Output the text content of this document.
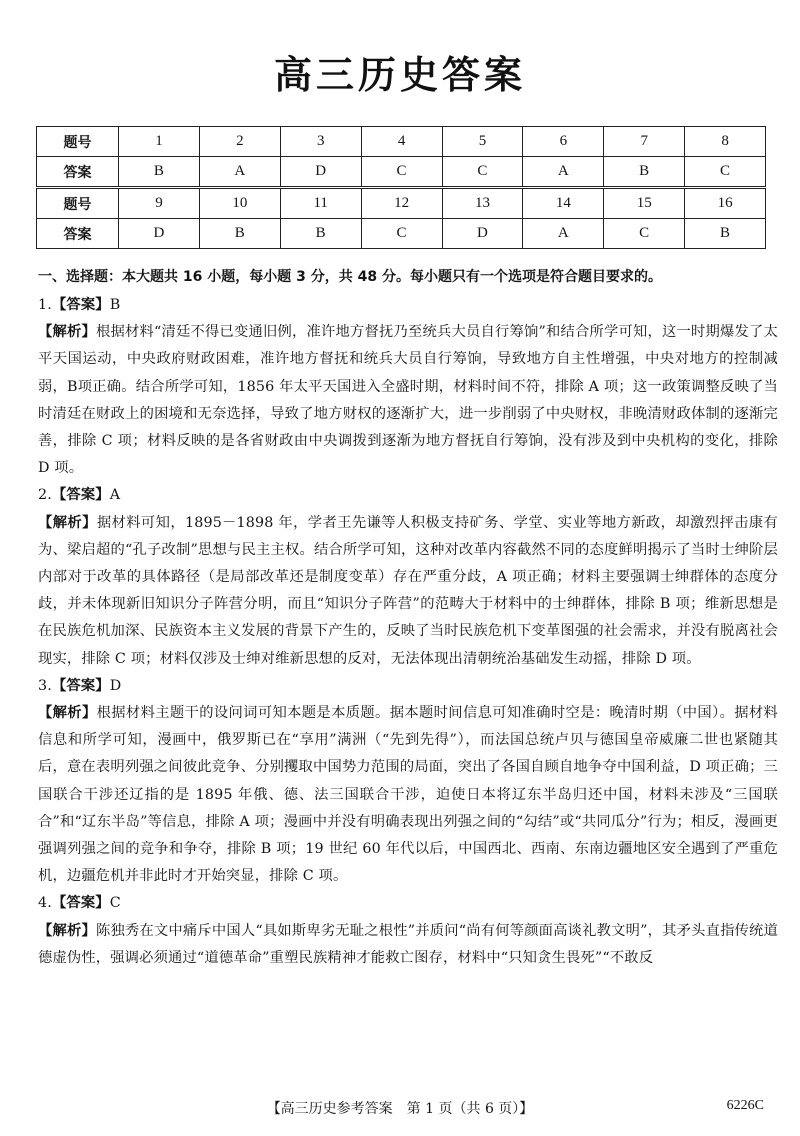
高三历史答案
题号	1	2	3	4	5	6	7	8
答案	B	A	D	C	C	A	B	C
题号	9	10	11	12	13	14	15	16
答案	D	B	B	C	D	A	C	B
一、选择题：本大题共 16 小题，每小题 3 分，共 48 分。每小题只有一个选项是符合题目要求的。
1.【答案】B
【解析】根据材料“清廷不得已变通旧例，准许地方督抚乃至统兵大员自行筹饷”和结合所学可知，这一时期爆发了太平天国运动，中央政府财政困难，准许地方督抚和统兵大员自行筹饷，导致地方自主性增强，中央对地方的控制减弱，B项正确。结合所学可知，1856 年太平天国进入全盛时期，材料时间不符，排除 A 项；这一政策调整反映了当时清廷在财政上的困境和无奈选择，导致了地方财权的逐渐扩大，进一步削弱了中央财权，非晚清财政体制的逐渐完善，排除 C 项；材料反映的是各省财政由中央调拨到逐渐为地方督抚自行筹饷，没有涉及到中央机构的变化，排除 D 项。
2.【答案】A
【解析】据材料可知，1895－1898 年，学者王先谦等人积极支持矿务、学堂、实业等地方新政，却激烈抨击康有为、梁启超的“孔子改制”思想与民主主权。结合所学可知，这种对改革内容截然不同的态度鲜明揭示了当时士绅阶层内部对于改革的具体路径（是局部改革还是制度变革）存在严重分歧，A 项正确；材料主要强调士绅群体的态度分歧，并未体现新旧知识分子阵营分明，而且“知识分子阵营”的范畴大于材料中的士绅群体，排除 B 项；维新思想是在民族危机加深、民族资本主义发展的背景下产生的，反映了当时民族危机下变革图强的社会需求，并没有脱离社会现实，排除 C 项；材料仅涉及士绅对维新思想的反对，无法体现出清朝统治基础发生动摇，排除 D 项。
3.【答案】D
【解析】根据材料主题干的设问词可知本题是本质题。据本题时间信息可知准确时空是：晚清时期（中国）。据材料信息和所学可知，漫画中，俄罗斯已在“享用”满洲（“先到先得”），而法国总统卢贝与德国皇帝威廉二世也紧随其后，意在表明列强之间彼此竞争、分别攫取中国势力范围的局面，突出了各国自顾自地争夺中国利益，D 项正确；三国联合干涉还辽指的是 1895 年俄、德、法三国联合干涉，迫使日本将辽东半岛归还中国，材料未涉及“三国联合”和“辽东半岛”等信息，排除 A 项；漫画中并没有明确表现出列强之间的“勾结”或“共同瓜分”行为；相反，漫画更强调列强之间的竞争和争夺，排除 B 项；19 世纪 60 年代以后，中国西北、西南、东南边疆地区安全遇到了严重危机，边疆危机并非此时才开始突显，排除 C 项。
4.【答案】C
【解析】陈独秀在文中痛斥中国人“具如斯卑劣无耻之根性”并质问“尚有何等颜面高谈礼教文明”，其矛头直指传统道德虚伪性，强调必须通过“道德革命”重塑民族精神才能救亡图存，材料中“只知贪生畏死”“不敢反
【高三历史参考答案　第 1 页（共 6 页）】	6226C
